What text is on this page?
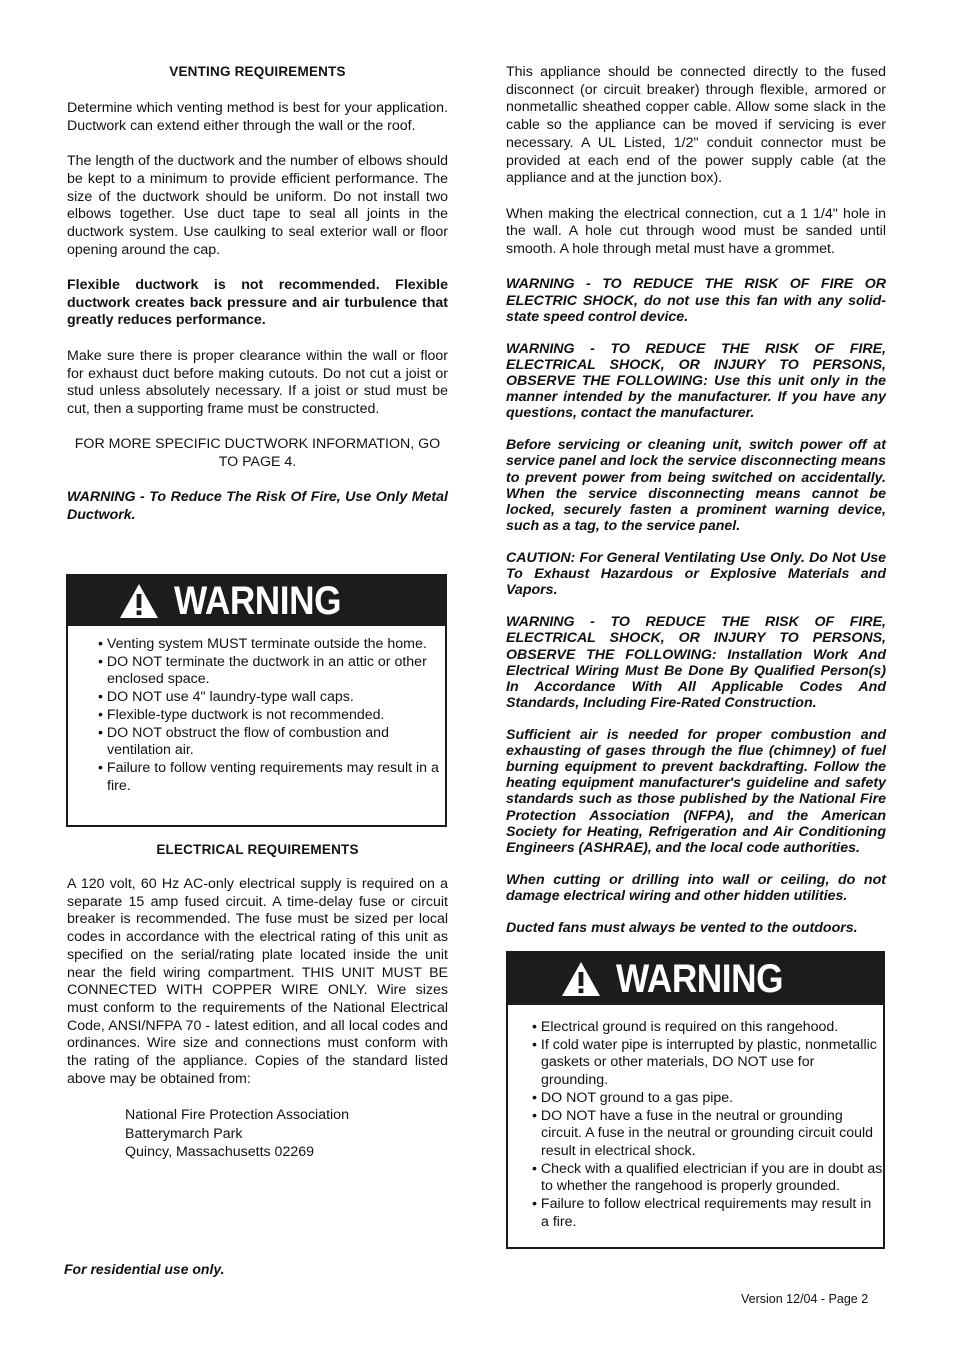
VENTING REQUIREMENTS

Determine which venting method is best for your application. Ductwork can extend either through the wall or the roof.

The length of the ductwork and the number of elbows should be kept to a minimum to provide efficient performance. The size of the ductwork should be uniform. Do not install two elbows together. Use duct tape to seal all joints in the ductwork system. Use caulking to seal exterior wall or floor opening around the cap.

Flexible ductwork is not recommended. Flexible ductwork creates back pressure and air turbulence that greatly reduces performance.

Make sure there is proper clearance within the wall or floor for exhaust duct before making cutouts. Do not cut a joist or stud unless absolutely necessary. If a joist or stud must be cut, then a supporting frame must be constructed.

FOR MORE SPECIFIC DUCTWORK INFORMATION, GO TO PAGE 4.

WARNING - To Reduce The Risk Of Fire, Use Only Metal Ductwork.

WARNING
• Venting system MUST terminate outside the home.
• DO NOT terminate the ductwork in an attic or other enclosed space.
• DO NOT use 4" laundry-type wall caps.
• Flexible-type ductwork is not recommended.
• DO NOT obstruct the flow of combustion and ventilation air.
• Failure to follow venting requirements may result in a fire.

ELECTRICAL REQUIREMENTS

A 120 volt, 60 Hz AC-only electrical supply is required on a separate 15 amp fused circuit. A time-delay fuse or circuit breaker is recommended. The fuse must be sized per local codes in accordance with the electrical rating of this unit as specified on the serial/rating plate located inside the unit near the field wiring compartment. THIS UNIT MUST BE CONNECTED WITH COPPER WIRE ONLY. Wire sizes must conform to the requirements of the National Electrical Code, ANSI/NFPA 70 - latest edition, and all local codes and ordinances. Wire size and connections must conform with the rating of the appliance. Copies of the standard listed above may be obtained from:

National Fire Protection Association
Batterymarch Park
Quincy, Massachusetts 02269

This appliance should be connected directly to the fused disconnect (or circuit breaker) through flexible, armored or nonmetallic sheathed copper cable. Allow some slack in the cable so the appliance can be moved if servicing is ever necessary. A UL Listed, 1/2" conduit connector must be provided at each end of the power supply cable (at the appliance and at the junction box).

When making the electrical connection, cut a 1 1/4" hole in the wall. A hole cut through wood must be sanded until smooth. A hole through metal must have a grommet.

WARNING - TO REDUCE THE RISK OF FIRE OR ELECTRIC SHOCK, do not use this fan with any solid-state speed control device.

WARNING - TO REDUCE THE RISK OF FIRE, ELECTRICAL SHOCK, OR INJURY TO PERSONS, OBSERVE THE FOLLOWING: Use this unit only in the manner intended by the manufacturer. If you have any questions, contact the manufacturer.

Before servicing or cleaning unit, switch power off at service panel and lock the service disconnecting means to prevent power from being switched on accidentally. When the service disconnecting means cannot be locked, securely fasten a prominent warning device, such as a tag, to the service panel.

CAUTION: For General Ventilating Use Only. Do Not Use To Exhaust Hazardous or Explosive Materials and Vapors.

WARNING - TO REDUCE THE RISK OF FIRE, ELECTRICAL SHOCK, OR INJURY TO PERSONS, OBSERVE THE FOLLOWING: Installation Work And Electrical Wiring Must Be Done By Qualified Person(s) In Accordance With All Applicable Codes And Standards, Including Fire-Rated Construction.

Sufficient air is needed for proper combustion and exhausting of gases through the flue (chimney) of fuel burning equipment to prevent backdrafting. Follow the heating equipment manufacturer's guideline and safety standards such as those published by the National Fire Protection Association (NFPA), and the American Society for Heating, Refrigeration and Air Conditioning Engineers (ASHRAE), and the local code authorities.

When cutting or drilling into wall or ceiling, do not damage electrical wiring and other hidden utilities.

Ducted fans must always be vented to the outdoors.

WARNING
• Electrical ground is required on this rangehood.
• If cold water pipe is interrupted by plastic, nonmetallic gaskets or other materials, DO NOT use for grounding.
• DO NOT ground to a gas pipe.
• DO NOT have a fuse in the neutral or grounding circuit. A fuse in the neutral or grounding circuit could result in electrical shock.
• Check with a qualified electrician if you are in doubt as to whether the rangehood is properly grounded.
• Failure to follow electrical requirements may result in a fire.
For residential use only.
Version 12/04 - Page 2
